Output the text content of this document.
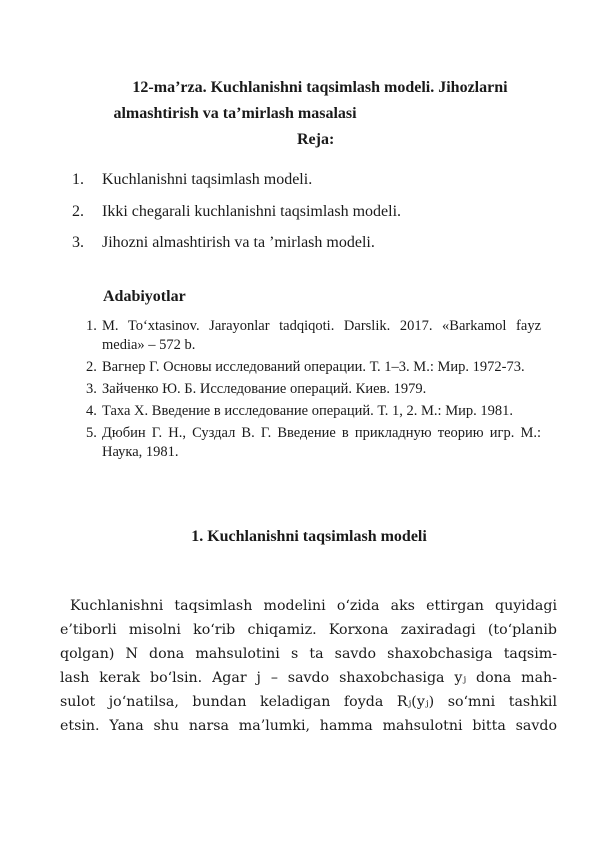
12-ma’rza. Kuchlanishni taqsimlash modeli. Jihozlarni
almashtirish va ta’mirlash masalasi
Reja:
1.	Kuchlanishni taqsimlash modeli.
2.	Ikki chegarali kuchlanishni taqsimlash modeli.
3.	Jihozni almashtirish va ta ’mirlash modeli.
Adabiyotlar
1. M. To‘xtasinov. Jarayonlar tadqiqoti. Darslik. 2017. «Barkamol fayz media» – 572 b.
2. Вагнер Г. Основы исследований операции. Т. 1–3. М.: Мир. 1972-73.
3. Зайченко Ю. Б. Исследование операций. Киев. 1979.
4. Таха Х. Введение в исследование операций. Т. 1, 2. М.: Мир. 1981.
5. Дюбин Г. Н., Суздал В. Г. Введение в прикладную теорию игр. М.: Наука, 1981.
1. Kuchlanishni taqsimlash modeli
Kuchlanishni taqsimlash modelini o‘zida aks ettirgan quyidagi
e’tiborli misolni ko‘rib chiqamiz. Korxona zaxiradagi (to‘planib
qolgan) N dona mahsulotini s ta savdo shaxobchasiga taqsim-
lash kerak bo‘lsin. Agar j – savdo shaxobchasiga yⱼ dona mah-
sulot jo‘natilsa, bundan keladigan foyda Rⱼ(yⱼ) so‘mni tashkil
etsin. Yana shu narsa ma’lumki, hamma mahsulotni bitta savdo
